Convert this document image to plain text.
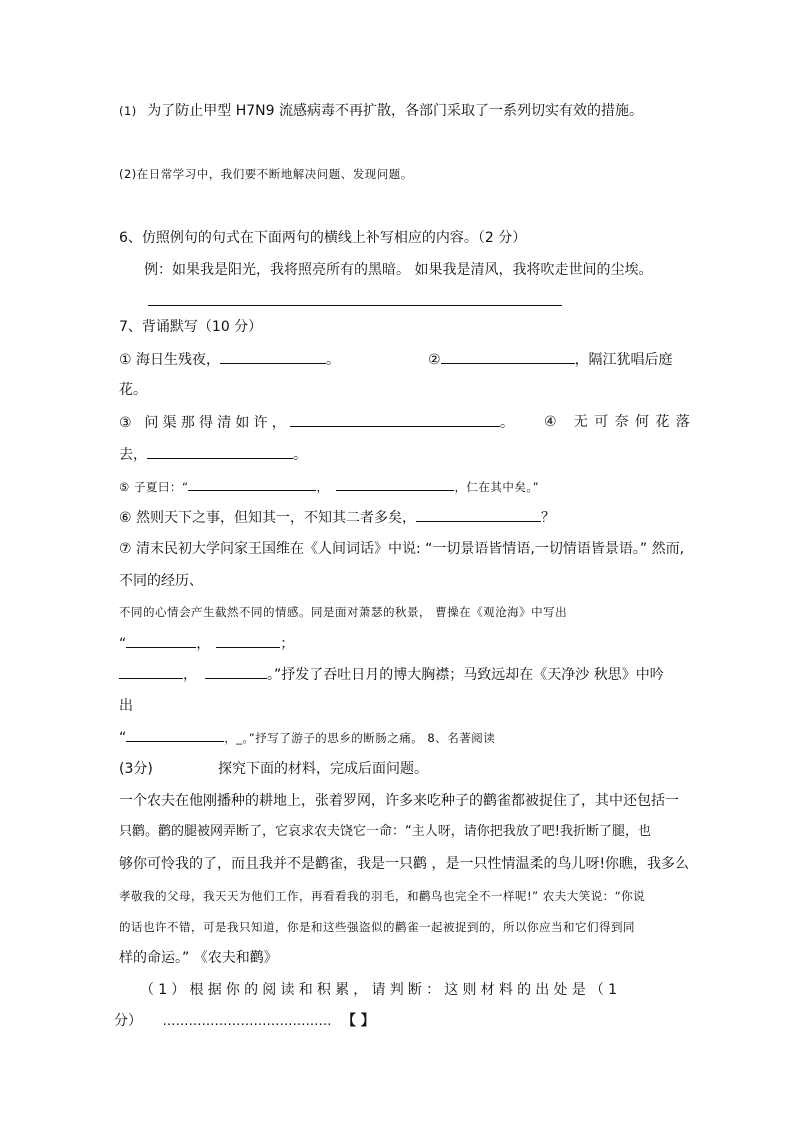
(1) 为了防止甲型 H7N9 流感病毒不再扩散，各部门采取了一系列切实有效的措施。
(2)在日常学习中，我们要不断地解决问题、发现问题。
6、仿照例句的句式在下面两句的横线上补写相应的内容。（2 分）
例：如果我是阳光，我将照亮所有的黑暗。 如果我是清风，我将吹走世间的尘埃。
7、背诵默写（10 分）
① 海日生残夜，	。	②	，隔江犹唱后庭
花。
③ 问渠那得清如许，	。 ④ 无可奈何花落
去，	。
⑤ 子夏曰：“	，	，仁在其中矣。”
⑥ 然则天下之事，但知其一，不知其二者多矣，	？
⑦ 清末民初大学问家王国维在《人间词话》中说: “一切景语皆情语,一切情语皆景语。” 然而,
不同的经历、
不同的心情会产生截然不同的情感。同是面对萧瑟的秋景， 曹操在《观沧海》中写出
“	，	；
，	。”抒发了吞吐日月的博大胸襟；马致远却在《天净沙 秋思》中吟
出
“	，_。”抒写了游子的思乡的断肠之痛。 8、名著阅读
(3分)	探究下面的材料，完成后面问题。
一个农夫在他刚播种的耕地上，张着罗网，许多来吃种子的鹳雀都被捉住了，其中还包括一
只鹳。鹳的腿被网弄断了，它哀求农夫饶它一命：“主人呀，请你把我放了吧!我折断了腿，也
够你可怜我的了，而且我并不是鹳雀，我是一只鹳 ，是一只性情温柔的鸟儿呀!你瞧，我多么
孝敬我的父母，我天天为他们工作，再看看我的羽毛，和鹳鸟也完全不一样呢!” 农夫大笑说：“你说
的话也许不错，可是我只知道，你是和这些强盗似的鹳雀一起被捉到的，所以你应当和它们得到同
样的命运。” 《农夫和鹳》
（1）根据你的阅读和积累，请判断：这则材料的出处是（1
分） ………………………………… 【 】
